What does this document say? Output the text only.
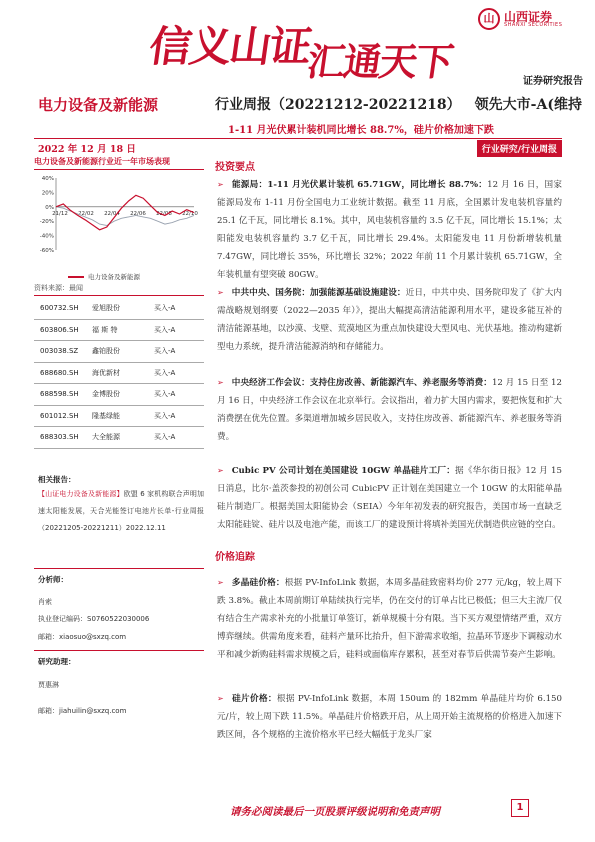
信义山证汇通天下
山 山西证券
SHANXI SECURITIES
证券研究报告
电力设备及新能源	行业周报（20221212-20221218） 领先大市-A(维持
1-11 月光伏累计装机同比增长 88.7%，硅片价格加速下跌
2022 年 12 月 18 日	行业研究/行业周报
电力设备及新能源行业近一年市场表现
40%
20%
0%
-20%
-40%
-60%
21/12 22/02 22/04 22/06 22/08 22/10
电力设备及新能源
资料来源：最闻
600732.SH	爱旭股份	买入-A
603806.SH	福 斯 特	买入-A
003038.SZ	鑫铂股份	买入-A
688680.SH	海优新材	买入-A
688598.SH	金博股份	买入-A
601012.SH	隆基绿能	买入-A
688303.SH	大全能源	买入-A
相关报告：
【山证电力设备及新能源】欧盟 6 家机构联合声明加速太阳能发展，天合光能签订电池片长单-行业周报（20221205-20221211）2022.12.11
分析师：
肖索
执业登记编码：S0760522030006
邮箱：xiaosuo@sxzq.com
研究助理：
贾惠淋
邮箱：jiahuilin@sxzq.com
投资要点
➢ 能源局：1-11 月光伏累计装机 65.71GW，同比增长 88.7%：12 月 16 日，国家能源局发布 1-11 月份全国电力工业统计数据。截至 11 月底，全国累计发电装机容量约 25.1 亿千瓦，同比增长 8.1%。其中，风电装机容量约 3.5 亿千瓦，同比增长 15.1%；太阳能发电装机容量约 3.7 亿千瓦，同比增长 29.4%。太阳能发电 11 月份新增装机量 7.47GW，同比增长 35%，环比增长 32%；2022 年前 11 个月累计装机 65.71GW，全年装机量有望突破 80GW。
➢ 中共中央、国务院：加强能源基础设施建设：近日，中共中央、国务院印发了《扩大内需战略规划纲要（2022—2035 年）》，提出大幅提高清洁能源利用水平，建设多能互补的清洁能源基地，以沙漠、戈壁、荒漠地区为重点加快建设大型风电、光伏基地。推动构建新型电力系统，提升清洁能源消纳和存储能力。
➢ 中央经济工作会议：支持住房改善、新能源汽车、养老服务等消费：12 月 15 日至 12 月 16 日，中央经济工作会议在北京举行。会议指出，着力扩大国内需求，要把恢复和扩大消费摆在优先位置。多渠道增加城乡居民收入，支持住房改善、新能源汽车、养老服务等消费。
➢ Cubic PV 公司计划在美国建设 10GW 单晶硅片工厂：据《华尔街日报》12 月 15 日消息，比尔·盖茨参投的初创公司 CubicPV 正计划在美国建立一个 10GW 的太阳能单晶硅片制造厂。根据美国太阳能协会（SEIA）今年年初发表的研究报告，美国市场一直缺乏太阳能硅锭、硅片以及电池产能，而该工厂的建设预计将填补美国光伏制造供应链的空白。
价格追踪
➢ 多晶硅价格：根据 PV-InfoLink 数据，本周多晶硅致密料均价 277 元/kg，较上周下跌 3.8%。截止本周前期订单陆续执行完毕，仍在交付的订单占比已极低；但三大主流厂仅有结合生产需求补充的小批量订单签订，新单规模十分有限。当下买方观望情绪严重，双方博弈继续。供需角度来看，硅料产量环比抬升，但下游需求收缩，拉晶环节逐步下调稼动水平和减少新购硅料需求规模之后，硅料或面临库存累积，甚至对春节后供需节奏产生影响。
➢ 硅片价格：根据 PV-InfoLink 数据，本周 150um 的 182mm 单晶硅片均价 6.150 元/片，较上周下跌 11.5%。单晶硅片价格跌开启，从上周开始主流规格的价格进入加速下跌区间，各个规格的主流价格水平已经大幅低于龙头厂家
请务必阅读最后一页股票评级说明和免责声明	1
